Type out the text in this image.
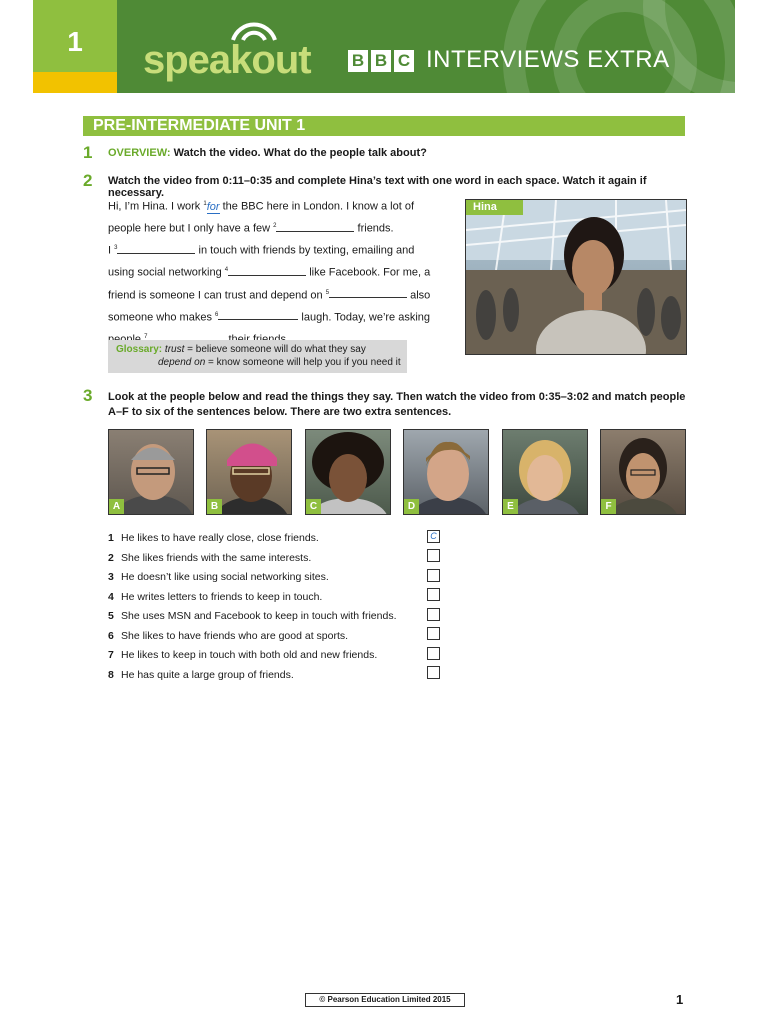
1	speakout B B C INTERVIEWS EXTRA
PRE-INTERMEDIATE UNIT 1
1 OVERVIEW: Watch the video. What do the people talk about?
2 Watch the video from 0:11–0:35 and complete Hina’s text with one word in each space. Watch it again if necessary.
Hi, I’m Hina. I work $^1$for the BBC here in London. I know a lot of
people here but I only have a few $^2$	friends.
I $^3$	in touch with friends by texting, emailing and
using social networking $^4$	like Facebook. For me, a
friend is someone I can trust and depend on $^5$	also
someone who makes $^6$	laugh. Today, we’re asking
$^7$
Glossary: trust = believe someone will do what they say
depend on = know someone will help you if you need it
Hina
3 Look at the people below and read the things they say. Then watch the video from 0:35–3:02 and match people
A–F to six of the sentences below. There are two extra sentences.
A	B	C	D	E	F
1 He likes to have really close, close friends.	C
2 She likes friends with the same interests.
3 He doesn’t like using social networking sites.
4 He writes letters to friends to keep in touch.
5 She uses MSN and Facebook to keep in touch with friends.
6 She likes to have friends who are good at sports.
7 He likes to keep in touch with both old and new friends.
8 He has quite a large group of friends.
© Pearson Education Limited 2015	1
